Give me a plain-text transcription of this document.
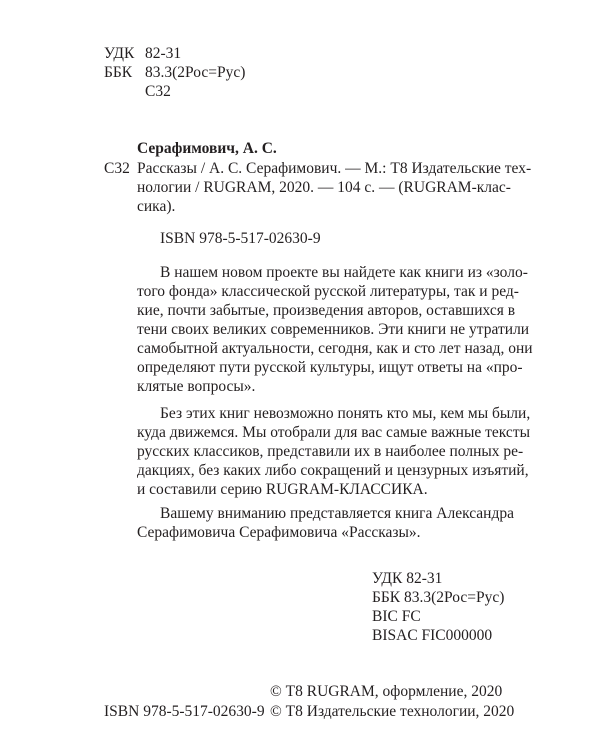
УДК 82-31
ББК 83.3(2Рос=Рус)
С32
Серафимович, А. С.
С32 Рассказы / А. С. Серафимович. — М.: Т8 Издательские тех-
нологии / RUGRAM, 2020. — 104 с. — (RUGRAM-клас-
сика).
ISBN 978-5-517-02630-9
В нашем новом проекте вы найдете как книги из «золо-
того фонда» классической русской литературы, так и ред-
кие, почти забытые, произведения авторов, оставшихся в
тени своих великих современников. Эти книги не утратили
самобытной актуальности, сегодня, как и сто лет назад, они
определяют пути русской культуры, ищут ответы на «про-
клятые вопросы».
Без этих книг невозможно понять кто мы, кем мы были,
куда движемся. Мы отобрали для вас самые важные тексты
русских классиков, представили их в наиболее полных ре-
дакциях, без каких либо сокращений и цензурных изъятий,
и составили серию RUGRAM-КЛАССИКА.
Вашему вниманию представляется книга Александра
Серафимовича Серафимовича «Рассказы».
УДК 82-31
ББК 83.3(2Рос=Рус)
BIC FC
BISAC FIC000000
© Т8 RUGRAM, оформление, 2020
ISBN 978-5-517-02630-9 © Т8 Издательские технологии, 2020
